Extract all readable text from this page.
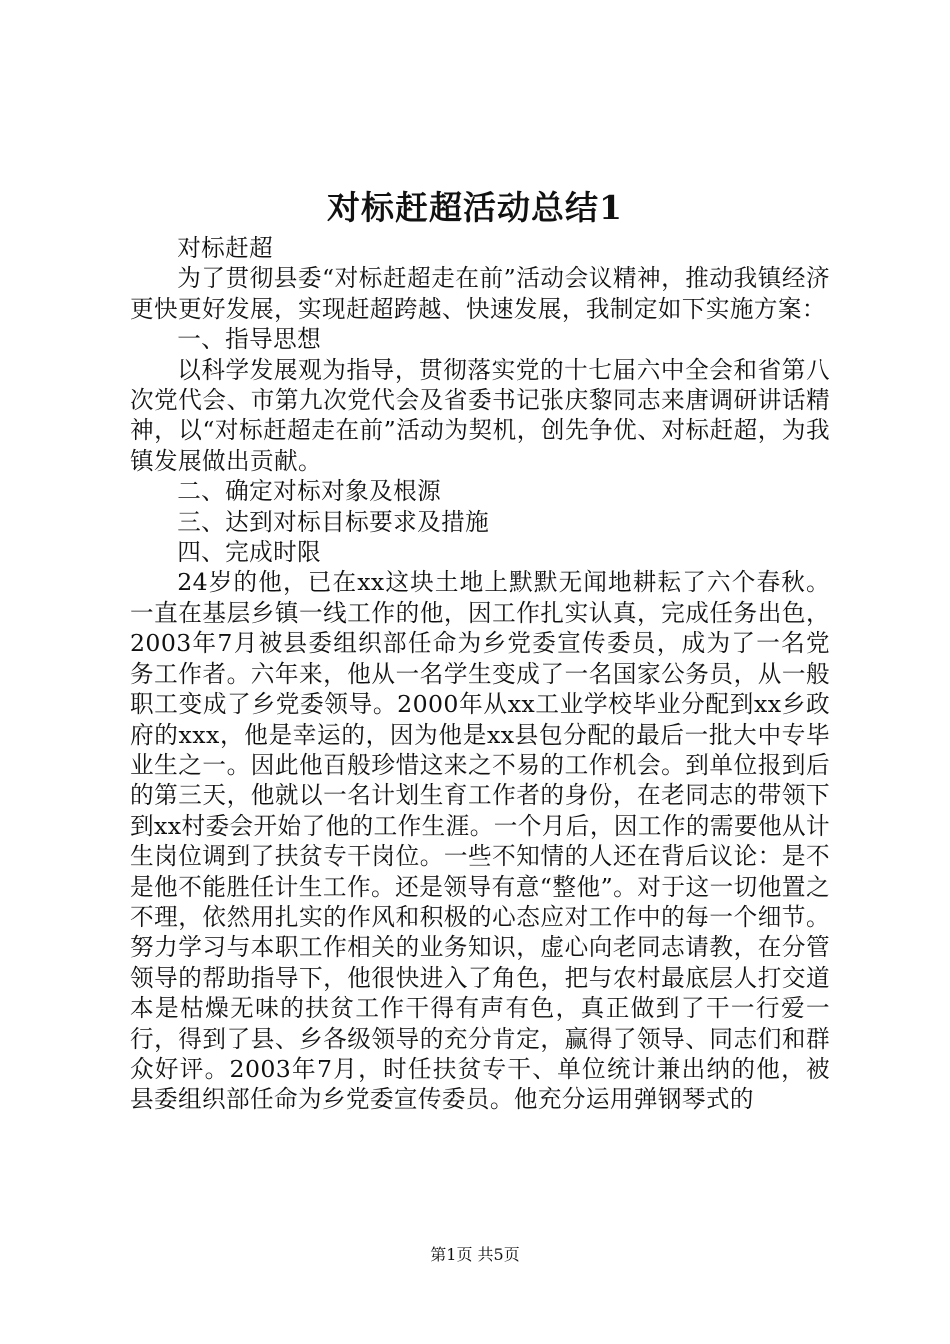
对标赶超活动总结1

对标赶超

为了贯彻县委“对标赶超走在前”活动会议精神，推动我镇经济更快更好发展，实现赶超跨越、快速发展，我制定如下实施方案：

一、指导思想

以科学发展观为指导，贯彻落实党的十七届六中全会和省第八次党代会、市第九次党代会及省委书记张庆黎同志来唐调研讲话精神，以“对标赶超走在前”活动为契机，创先争优、对标赶超，为我镇发展做出贡献。

二、确定对标对象及根源

三、达到对标目标要求及措施

四、完成时限

24岁的他，已在xx这块土地上默默无闻地耕耘了六个春秋。一直在基层乡镇一线工作的他，因工作扎实认真，完成任务出色，2003年7月被县委组织部任命为乡党委宣传委员，成为了一名党务工作者。六年来，他从一名学生变成了一名国家公务员，从一般职工变成了乡党委领导。2000年从xx工业学校毕业分配到xx乡政府的xxx，他是幸运的，因为他是xx县包分配的最后一批大中专毕业生之一。因此他百般珍惜这来之不易的工作机会。到单位报到后的第三天，他就以一名计划生育工作者的身份，在老同志的带领下到xx村委会开始了他的工作生涯。一个月后，因工作的需要他从计生岗位调到了扶贫专干岗位。一些不知情的人还在背后议论：是不是他不能胜任计生工作。还是领导有意“整他”。对于这一切他置之不理，依然用扎实的作风和积极的心态应对工作中的每一个细节。努力学习与本职工作相关的业务知识，虚心向老同志请教，在分管领导的帮助指导下，他很快进入了角色，把与农村最底层人打交道本是枯燥无味的扶贫工作干得有声有色，真正做到了干一行爱一行，得到了县、乡各级领导的充分肯定，赢得了领导、同志们和群众好评。2003年7月，时任扶贫专干、单位统计兼出纳的他，被县委组织部任命为乡党委宣传委员。他充分运用弹钢琴式的

第1页 共5页
